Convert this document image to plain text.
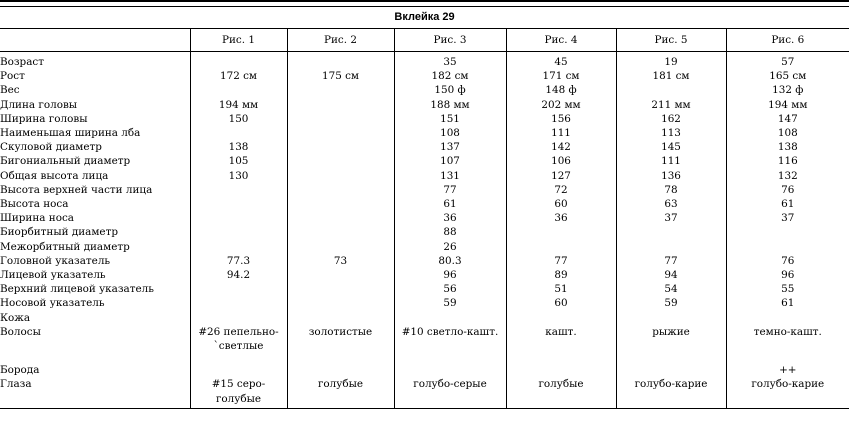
Вклейка 29						
	Рис. 1	Рис. 2	Рис. 3	Рис. 4	Рис. 5	Рис. 6
Возраст			35	45	19	57
Рост	172 см	175 см	182 см	171 см	181 см	165 см
Вес			150 ф	148 ф		132 ф
Длина головы	194 мм		188 мм	202 мм	211 мм	194 мм
Ширина головы	150		151	156	162	147
Наименьшая ширина лба			108	111	113	108
Скуловой диаметр	138		137	142	145	138
Бигониальный диаметр	105		107	106	111	116
Общая высота лица	130		131	127	136	132
Высота верхней части лица			77	72	78	76
Высота носа			61	60	63	61
Ширина носа			36	36	37	37
Биорбитный диаметр			88			
Межорбитный диаметр			26			
Головной указатель	77.3	73	80.3	77	77	76
Лицевой указатель	94.2		96	89	94	96
Верхний лицевой указатель			56	51	54	55
Носовой указатель			59	60	59	61
Кожа						
Волосы	#26 пепельно-`светлые	золотистые	#10 светло-кашт.	кашт.	рыжие	темно-кашт.

Борода						++
Глаза	#15 серо-голубые	голубые	голубо-серые	голубые	голубо-карие	голубо-карие
